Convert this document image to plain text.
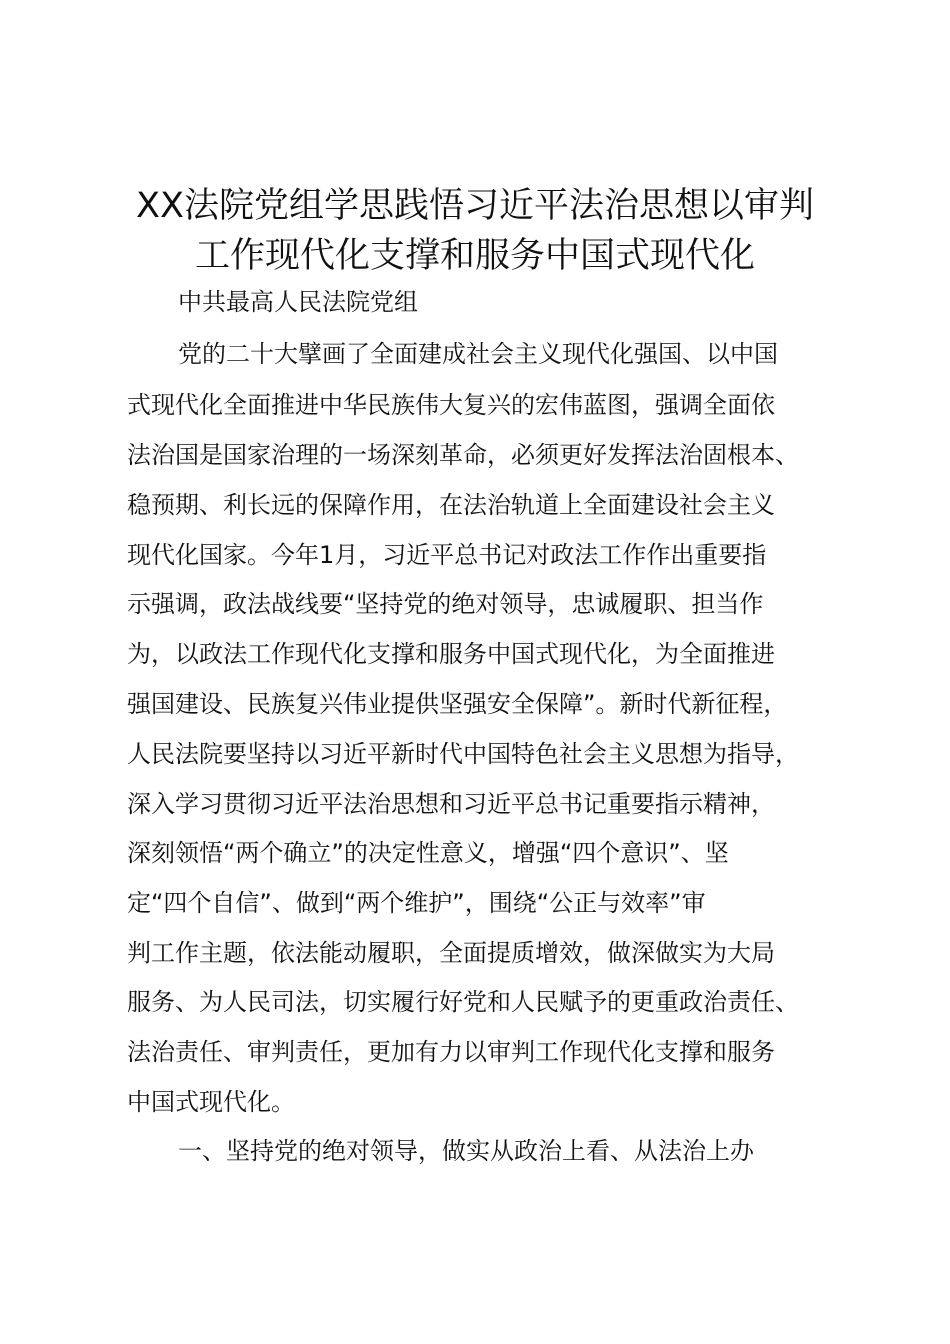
XX法院党组学思践悟习近平法治思想以审判
工作现代化支撑和服务中国式现代化
中共最高人民法院党组
党的二十大擘画了全面建成社会主义现代化强国、以中国
式现代化全面推进中华民族伟大复兴的宏伟蓝图，强调全面依
法治国是国家治理的一场深刻革命，必须更好发挥法治固根本、
稳预期、利长远的保障作用，在法治轨道上全面建设社会主义
现代化国家。今年1月，习近平总书记对政法工作作出重要指
示强调，政法战线要“坚持党的绝对领导，忠诚履职、担当作
为，以政法工作现代化支撑和服务中国式现代化，为全面推进
强国建设、民族复兴伟业提供坚强安全保障”。新时代新征程，
人民法院要坚持以习近平新时代中国特色社会主义思想为指导，
深入学习贯彻习近平法治思想和习近平总书记重要指示精神，
深刻领悟“两个确立”的决定性意义，增强“四个意识”、坚
定“四个自信”、做到“两个维护”，围绕“公正与效率”审
判工作主题，依法能动履职，全面提质增效，做深做实为大局
服务、为人民司法，切实履行好党和人民赋予的更重政治责任、
法治责任、审判责任，更加有力以审判工作现代化支撑和服务
中国式现代化。
一、坚持党的绝对领导，做实从政治上看、从法治上办
